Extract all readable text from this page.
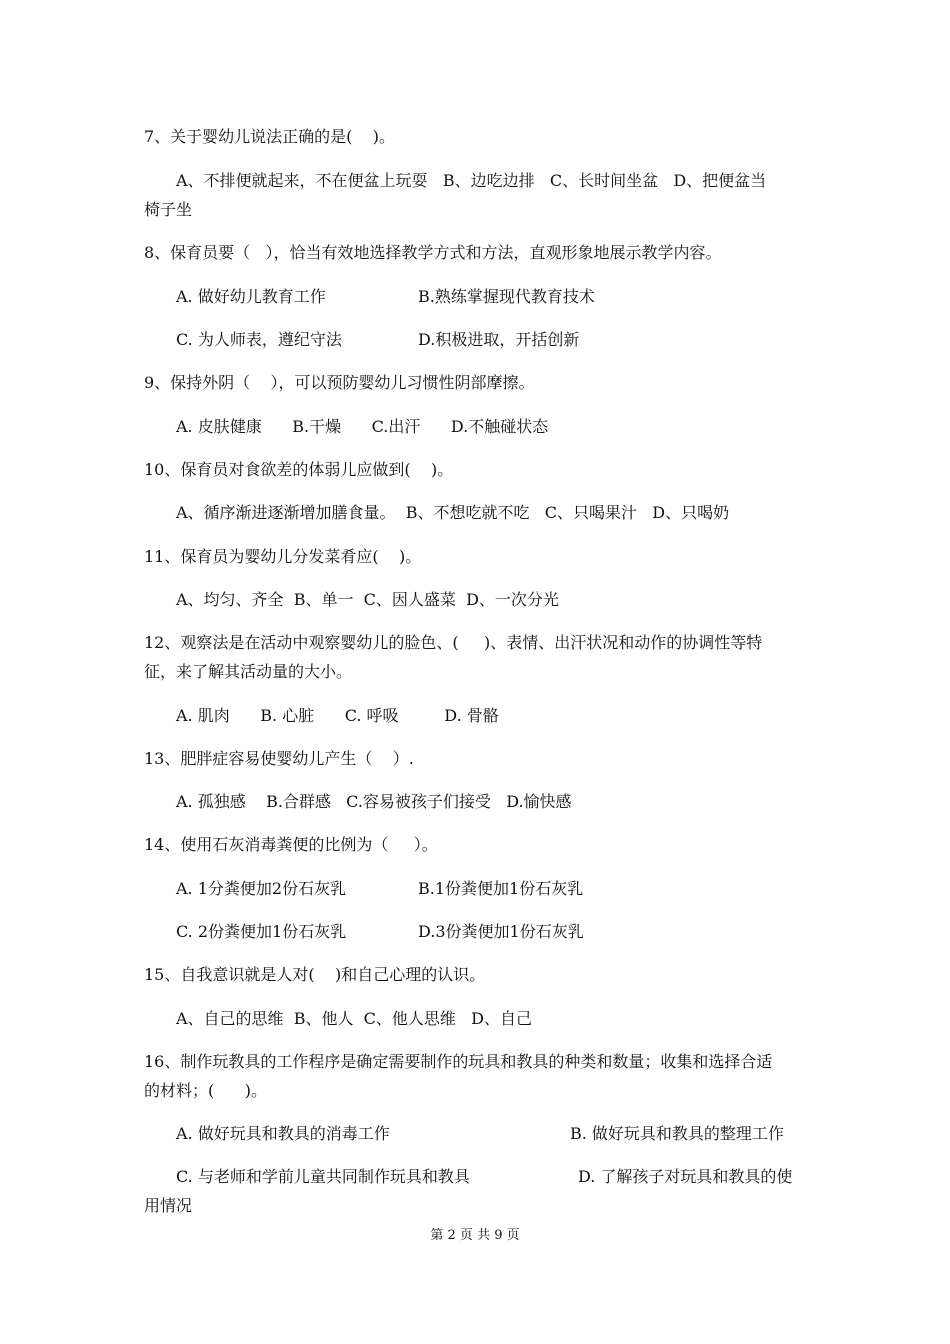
7、关于婴幼儿说法正确的是(    )。
A、不排便就起来，不在便盆上玩耍   B、边吃边排   C、长时间坐盆   D、把便盆当
椅子坐
8、保育员要（   ），恰当有效地选择教学方式和方法，直观形象地展示教学内容。
A. 做好幼儿教育工作	B.熟练掌握现代教育技术
C. 为人师表，遵纪守法	D.积极进取，开括创新
9、保持外阴（    ），可以预防婴幼儿习惯性阴部摩擦。
A. 皮肤健康      B.干燥      C.出汗      D.不触碰状态
10、保育员对食欲差的体弱儿应做到(    )。
A、循序渐进逐渐增加膳食量。  B、不想吃就不吃   C、只喝果汁   D、只喝奶
11、保育员为婴幼儿分发菜肴应(    )。
A、均匀、齐全  B、单一  C、因人盛菜  D、一次分光
12、观察法是在活动中观察婴幼儿的脸色、(     )、表情、出汗状况和动作的协调性等特
征，来了解其活动量的大小。
A. 肌肉      B. 心脏      C. 呼吸         D. 骨骼
13、肥胖症容易使婴幼儿产生（    ）.
A. 孤独感    B.合群感   C.容易被孩子们接受   D.愉快感
14、使用石灰消毒粪便的比例为（     ）。
A. 1分粪便加2份石灰乳	B.1份粪便加1份石灰乳
C. 2份粪便加1份石灰乳	D.3份粪便加1份石灰乳
15、自我意识就是人对(    )和自己心理的认识。
A、自己的思维  B、他人  C、他人思维   D、自己
16、制作玩教具的工作程序是确定需要制作的玩具和教具的种类和数量；收集和选择合适
的材料；(      )。
A. 做好玩具和教具的消毒工作	B. 做好玩具和教具的整理工作
C. 与老师和学前儿童共同制作玩具和教具	D. 了解孩子对玩具和教具的使
用情况
第 2 页 共 9 页
